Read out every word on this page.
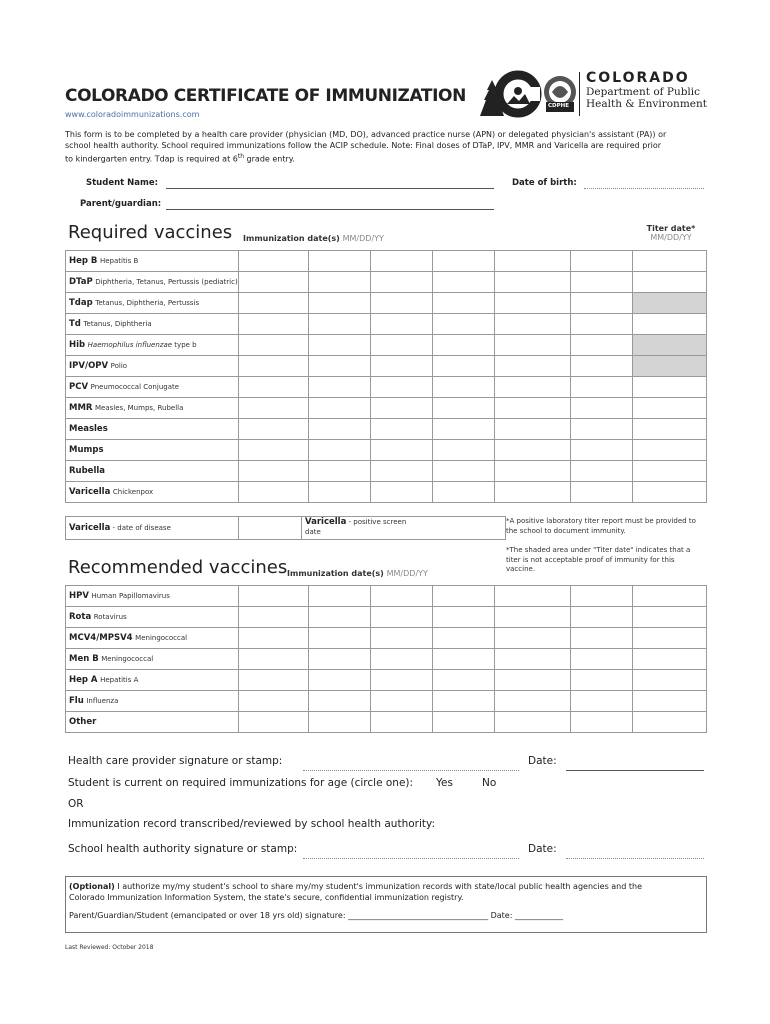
COLORADO CERTIFICATE OF IMMUNIZATION
www.coloradoimmunizations.com
This form is to be completed by a health care provider (physician (MD, DO), advanced practice nurse (APN) or delegated physician's assistant (PA)) or
school health authority. School required immunizations follow the ACIP schedule. Note: Final doses of DTaP, IPV, MMR and Varicella are required prior
to kindergarten entry. Tdap is required at 6th grade entry.
CDPHE
COLORADO
Department of Public
Health & Environment
Student Name:	Date of birth:
Parent/guardian:
Required vaccines Immunization date(s) MM/DD/YY
Titer date*
MM/DD/YY
Hep B Hepatitis B							
DTaP Diphtheria, Tetanus, Pertussis (pediatric)							
Tdap Tetanus, Diphtheria, Pertussis							
Td Tetanus, Diphtheria							
Hib Haemophilus influenzae type b							
IPV/OPV Polio							
PCV Pneumococcal Conjugate							
MMR Measles, Mumps, Rubella							
Measles							
Mumps							
Rubella							
Varicella Chickenpox							
Varicella - date of disease		Varicella - positive screen
date
*A positive laboratory titer report must be provided to the school to document immunity.
*The shaded area under "Titer date" indicates that a titer is not acceptable proof of immunity for this vaccine.
Recommended vaccines Immunization date(s) MM/DD/YY
HPV Human Papillomavirus							
Rota Rotavirus							
MCV4/MPSV4 Meningococcal							
Men B Meningococcal							
Hep A Hepatitis A							
Flu Influenza							
Other							
Health care provider signature or stamp:	Date:
Student is current on required immunizations for age (circle one): Yes	No
OR
Immunization record transcribed/reviewed by school health authority:
School health authority signature or stamp:	Date:
(Optional) I authorize my/my student's school to share my/my student's immunization records with state/local public health agencies and the
Colorado Immunization Information System, the state's secure, confidential immunization registry.
Parent/Guardian/Student (emancipated or over 18 yrs old) signature: ___________________________________ Date: ____________
Last Reviewed: October 2018
